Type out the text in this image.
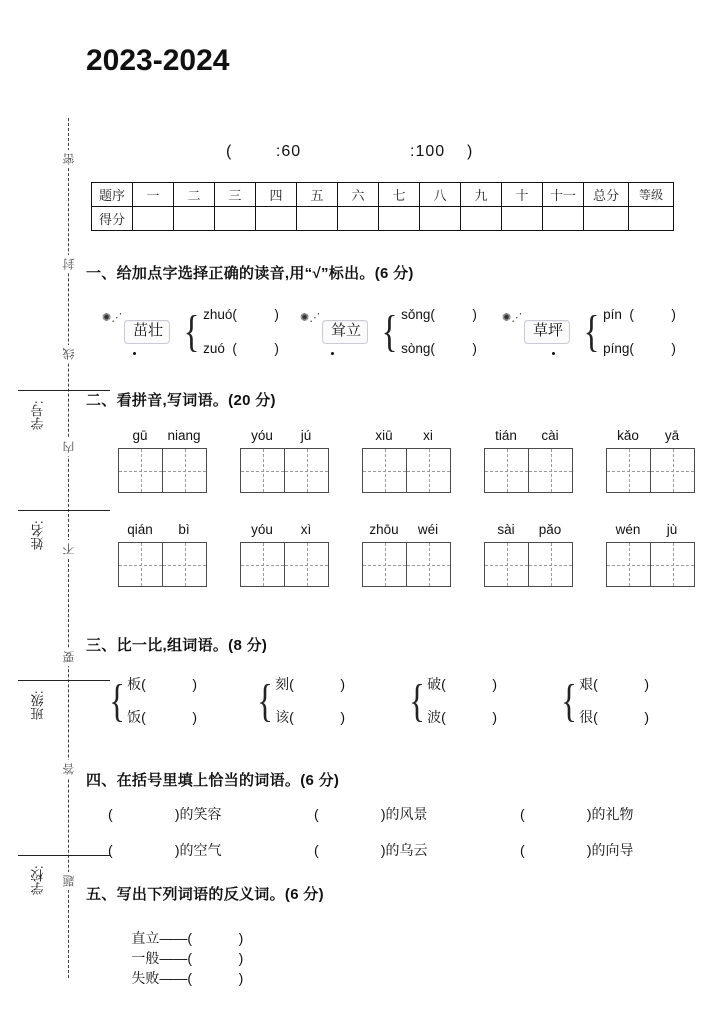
密
封
线
内
不
要
答
题
学号:
姓名:
班级:
学校:
2023-2024
(        :60                    :100    )
题序	一	二	三	四	五	六	七	八	九	十	十一	总分	等级
得分													
一、给加点字选择正确的读音,用“√”标出。(6 分)
✺⋰
茁壮 { zhuó(          )
zuó  (          )
✺⋰
耸立 { sǒng(          )
sòng(          )
✺⋰
草坪 { pín  (          )
píng(          )
二、看拼音,写词语。(20 分)
gū	niang	yóu	jú	xiū	xi	tián	cài	kǎo	yā
qián	bì	yóu	xì	zhōu	wéi	sài	pǎo	wén	jù
三、比一比,组词语。(8 分)
{ 板(            )
饭(            ) { 刻(            )
该(            ) { 破(            )
波(            ) { 艰(            )
很(            )
四、在括号里填上恰当的词语。(6 分)
(                )的笑容	(                )的风景	(                )的礼物
(                )的空气	(                )的乌云	(                )的向导
五、写出下列词语的反义词。(6 分)

直立——(            )
一般——(            )
失败——(            )
